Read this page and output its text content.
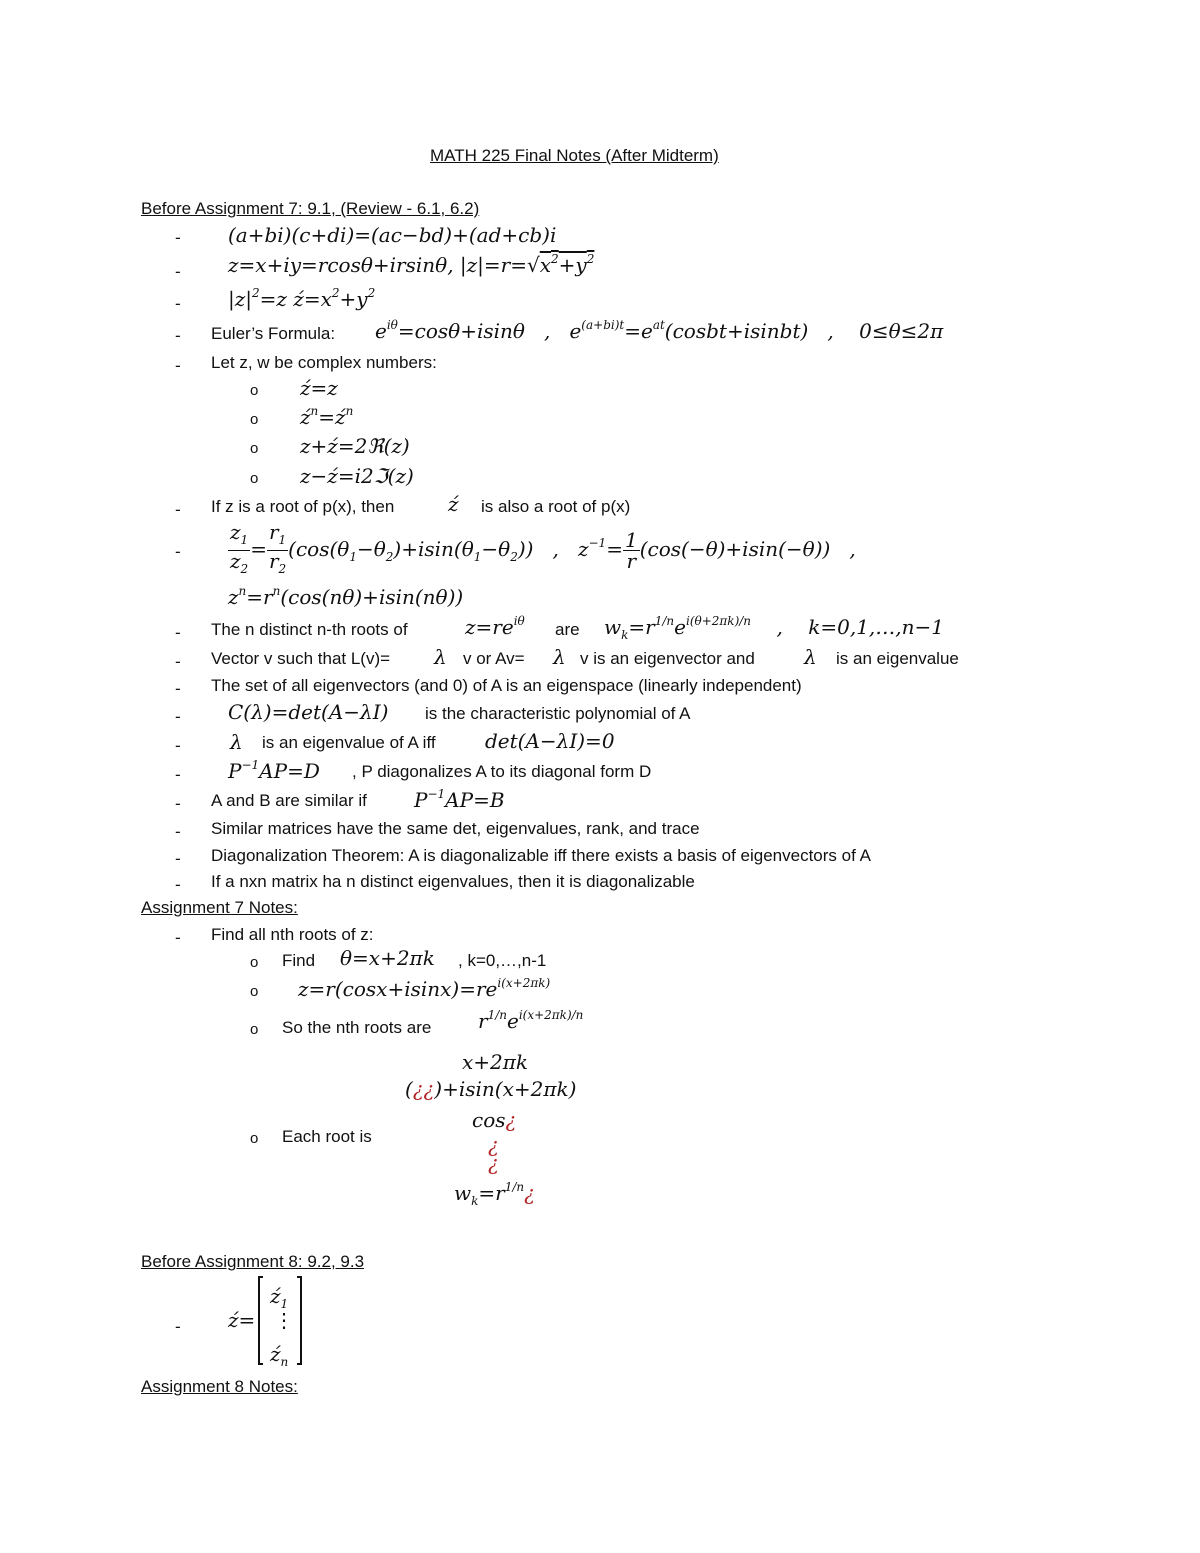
MATH 225 Final Notes (After Midterm)
Before Assignment 7: 9.1, (Review - 6.1, 6.2)
- (a+bi)(c+di)=(ac−bd)+(ad+cb)i
- z=x+iy=rcosθ+irsinθ, $|z|=r=√x^2+y^2$
- $|z|^2=z$ $ź=x^2+y^2$
- Euler’s Formula: $e^{i\theta}=\cos\theta+isin\theta$   ,   $e^{(a+bi)t}=e^{at}(cosbt+isinbt)$   ,    0≤θ≤2π
- Let z, w be complex numbers:
o ź=z
o $ź^n=ź^n$
o z+ź=2ℜ(z)
o z−ź=i2ℑ(z)
- If z is a root of p(x), then	ź is also a root of p(x)
- $\frac{z_1}{z_2} = \frac{r_1}{r_2} (\cos(\theta_1-\theta_2)+isin(\theta_1-\theta_2))$   ,   $z^{-1}= \frac{1}{r} (\cos(-\theta)+isin(-\theta))$   ,
$z^n=r^n(\cos(n\theta)+isin(n\theta))$
- The n distinct n-th roots of	$z=re^{i\theta}$ are $w_k=r^{1/n}e^{i(\theta+2\pi k)/n}$    ,    k=0,1,…,n−1
- Vector v such that L(v)= λ v or Av= λ v is an eigenvector and λ is an eigenvalue
- The set of all eigenvectors (and 0) of A is an eigenspace (linearly independent)
- C(λ)=det(A−λI) is the characteristic polynomial of A
- λ is an eigenvalue of A iff det(A−λI)=0
- $P^{-1}AP=D$ , P diagonalizes A to its diagonal form D
- A and B are similar if $P^{-1}AP=B$
- Similar matrices have the same det, eigenvalues, rank, and trace
- Diagonalization Theorem: A is diagonalizable iff there exists a basis of eigenvectors of A
- If a nxn matrix ha n distinct eigenvalues, then it is diagonalizable
Assignment 7 Notes:
- Find all nth roots of z:
o Find θ=x+2πk , k=0,…,n-1
o $z=r(\cos x+isinx)=re^{i(x+2\pi k)}$
o So the nth roots are $r^{1/n}e^{i(x+2\pi k)/n}$
x+2πk
(¿¿)+isin(x+2πk)
cos¿
¿
¿
o Each root is
$w_k=r^{1/n}¿$
Before Assignment 8: 9.2, 9.3
- ź=
$ź_1$
⋮
$ź_n$
Assignment 8 Notes:
